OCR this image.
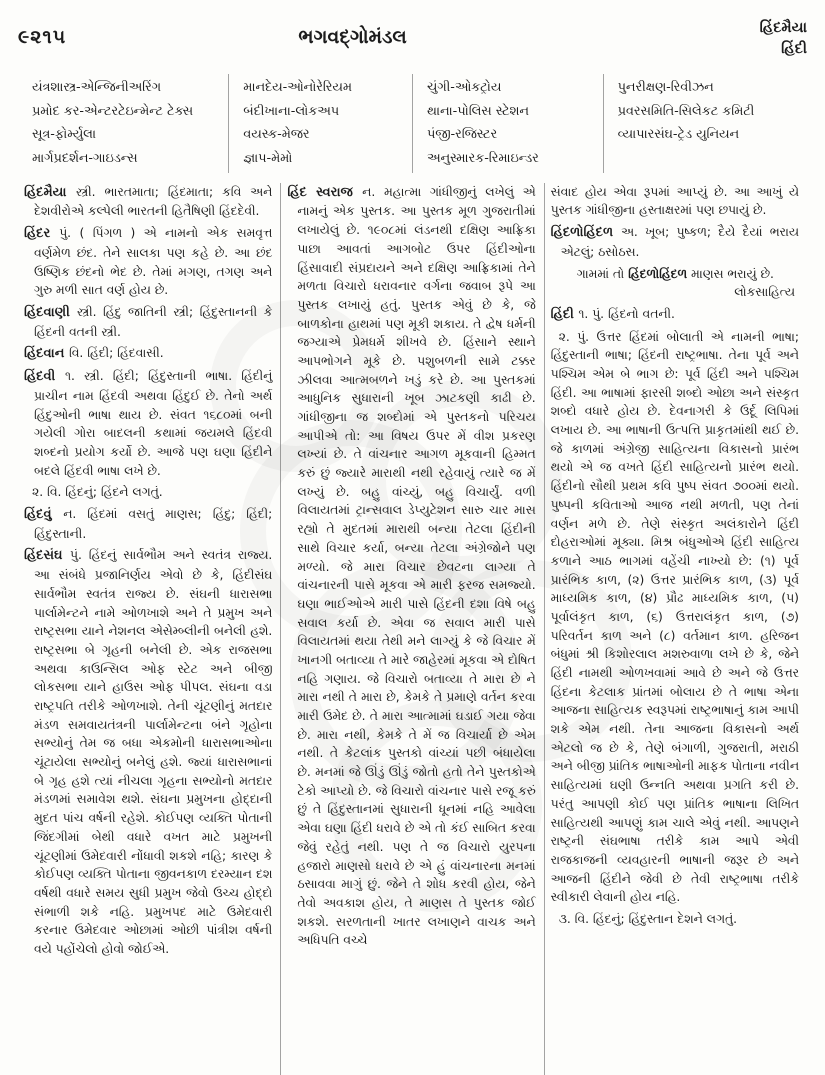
૯૨૧૫	ભગવદ્ગોમંડલ	હિંદમૈયા
હિંદી
યંત્રશાસ્ત્ર-એન્જિનીઅરિંગ
પ્રમોદ કર-એન્ટરટેઇન્મેન્ટ ટેક્સ
સૂત્ર-ફોર્મ્યુલા
માર્ગપ્રદર્શન-ગાઇડન્સ
માનદેય-ઓનોરેરિયમ
બંદીખાના-લોકઅપ
વયસ્ક-મેજર
જ્ઞાપ-મેમો
ચુંગી-ઓકટ્રોય
થાના-પોલિસ સ્ટેશન
પંજી-રજિસ્ટર
અનુસ્મારક-રિમાઇન્ડર
પુનરીક્ષણ-રિવીઝન
પ્રવરસમિતિ-સિલેકટ કમિટી
વ્યાપારસંઘ-ટ્રેડ યુનિયન

હિંદમૈયા સ્ત્રી. ભારતમાતા; હિંદમાતા; કવિ અને દેશવીરોએ કલ્પેલી ભારતની હિતૈષિણી હિંદદેવી.

હિંદર પું. ( પિંગળ ) એ નામનો એક સમવૃત્ત વર્ણમેળ છંદ. તેને સાલકા પણ કહે છે. આ છંદ ઉષ્ણિક છંદનો ભેદ છે. તેમાં મગણ, તગણ અને ગુરુ મળી સાત વર્ણ હોય છે.

હિંદવાણી સ્ત્રી. હિંદુ જાતિની સ્ત્રી; હિંદુસ્તાનની કે હિંદની વતની સ્ત્રી.

હિંદવાન વિ. હિંદી; હિંદવાસી.

હિંદવી ૧. સ્ત્રી. હિંદી; હિંદુસ્તાની ભાષા. હિંદીનું પ્રાચીન નામ હિંદવી અથવા હિંદુઈ છે. તેનો અર્થ હિંદુઓની ભાષા થાય છે. સંવત ૧૬૮૦માં બની ગયેલી ગોરા બાદલની કથામાં જયમલે હિંદવી શબ્દનો પ્રયોગ કર્યો છે. આજે પણ ઘણા હિંદીને બદલે હિંદવી ભાષા લખે છે.

૨. વિ. હિંદનું; હિંદને લગતું.

હિંદવું ન. હિંદમાં વસતું માણસ; હિંદુ; હિંદી; હિંદુસ્તાની.

હિંદસંઘ પું. હિંદનું સાર્વભૌમ અને સ્વતંત્ર રાજ્ય. આ સંબંધે પ્રજાનિર્ણય એવો છે કે, હિંદીસંઘ સાર્વભૌમ સ્વતંત્ર રાજ્ય છે. સંઘની ધારાસભા પાર્લામેન્ટને નામે ઓળખાશે અને તે પ્રમુખ અને રાષ્ટ્રસભા યાને નેશનલ એસેમ્બ્લીની બનેલી હશે. રાષ્ટ્રસભા બે ગૃહની બનેલી છે. એક રાજસભા અથવા કાઉન્સિલ ઓફ સ્ટેટ અને બીજી લોકસભા યાને હાઉસ ઓફ પીપલ. સંઘના વડા રાષ્ટ્રપતિ તરીકે ઓળખાશે. તેની ચૂંટણીનું મતદાર મંડળ સમવાયતંત્રની પાર્લામેન્ટના બંને ગૃહોના સભ્યોનું તેમ જ બધા એકમોની ધારાસભાઓના ચૂંટાયેલા સભ્યોનું બનેલું હશે. જ્યાં ધારાસભાનાં બે ગૃહ હશે ત્યાં નીચલા ગૃહના સભ્યોનો મતદાર મંડળમાં સમાવેશ થશે. સંઘના પ્રમુખના હોદ્દાની મુદત પાંચ વર્ષની રહેશે. કોઈપણ વ્યક્તિ પોતાની જિંદગીમાં બેથી વધારે વખત માટે પ્રમુખની ચૂંટણીમાં ઉમેદવારી નોંધાવી શકશે નહિ; કારણ કે કોઈપણ વ્યક્તિ પોતાના જીવનકાળ દરમ્યાન દશ વર્ષથી વધારે સમય સુધી પ્રમુખ જેવો ઉચ્ચ હોદ્દો સંભાળી શકે નહિ. પ્રમુખપદ માટે ઉમેદવારી કરનાર ઉમેદવાર ઓછામાં ઓછી પાંત્રીશ વર્ષની વયે પહોંચેલો હોવો જોઈએ.

હિંદ સ્વરાજ ન. મહાત્મા ગાંધીજીનું લખેલું એ નામનું એક પુસ્તક. આ પુસ્તક મૂળ ગુજરાતીમાં લખાયેલું છે. ૧૯૦૮માં લંડનથી દક્ષિણ આફ્રિકા પાછા આવતાં આગબોટ ઉપર હિંદીઓના હિંસાવાદી સંપ્રદાયને અને દક્ષિણ આફ્રિકામાં તેને મળતા વિચારો ધરાવનાર વર્ગના જવાબ રૂપે આ પુસ્તક લખાયું હતું. પુસ્તક એવું છે કે, જે બાળકોના હાથમાં પણ મૂકી શકાય. તે દ્વેષ ધર્મની જગ્યાએ પ્રેમધર્મ શીખવે છે. હિંસાને સ્થાને આપભોગને મૂકે છે. પશુબળની સામે ટક્કર ઝીલવા આત્મબળને ખડું કરે છે. આ પુસ્તકમાં આધુનિક સુધારાની ખૂબ ઝાટકણી કાઢી છે. ગાંધીજીના જ શબ્દોમાં એ પુસ્તકનો પરિચય આપીએ તો: આ વિષય ઉપર મેં વીશ પ્રકરણ લખ્યાં છે. તે વાંચનાર આગળ મૂકવાની હિમ્મત કરું છું જ્યારે મારાથી નથી રહેવાયું ત્યારે જ મેં લખ્યું છે. બહુ વાંચ્યું, બહુ વિચાર્યું. વળી વિલાયતમાં ટ્રાન્સવાલ ડેપ્યુટેશન સારુ ચાર માસ રહ્યો તે મુદતમાં મારાથી બન્યા તેટલા હિંદીની સાથે વિચાર કર્યા, બન્યા તેટલા અંગ્રેજોને પણ મળ્યો. જે મારા વિચાર છેવટના લાગ્યા તે વાંચનારની પાસે મૂકવા એ મારી ફરજ સમજ્યો. ઘણા ભાઈઓએ મારી પાસે હિંદની દશા વિષે બહુ સવાલ કર્યા છે. એવા જ સવાલ મારી પાસે વિલાયતમાં થયા તેથી મને લાગ્યું કે જે વિચાર મેં ખાનગી બતાવ્યા તે મારે જાહેરમાં મૂકવા એ દોષિત નહિ ગણાય. જે વિચારો બતાવ્યા તે મારા છે ને મારા નથી તે મારા છે, કેમકે તે પ્રમાણે વર્તન કરવા મારી ઉમેદ છે. તે મારા આત્મામાં ઘડાઈ ગયા જેવા છે. મારા નથી, કેમકે તે મેં જ વિચાર્યા છે એમ નથી. તે કેટલાંક પુસ્તકો વાંચ્યાં પછી બંધાયેલા છે. મનમાં જે ઊંડું ઊંડું જોતો હતો તેને પુસ્તકોએ ટેકો આપ્યો છે. જે વિચારો વાંચનાર પાસે રજૂ કરું છું તે હિંદુસ્તાનમાં સુધારાની ધૂનમાં નહિ આવેલા એવા ઘણા હિંદી ધરાવે છે એ તો કંઈ સાબિત કરવા જેવું રહેતું નથી. પણ તે જ વિચારો યુરપના હજારો માણસો ધરાવે છે એ હું વાંચનારના મનમાં ઠસાવવા માગું છું. જેને તે શોધ કરવી હોય, જેને તેવો અવકાશ હોય, તે માણસ તે પુસ્તક જોઈ શકશે. સરળતાની ખાતર લખાણને વાચક અને અધિપતિ વચ્ચે

સંવાદ હોય એવા રૂપમાં આપ્યું છે. આ આખું યે પુસ્તક ગાંધીજીના હસ્તાક્ષરમાં પણ છપાયું છે.

હિંદળોહિંદળ અ. ખૂબ; પુષ્કળ; દૈયે દૈયાં ભરાય એટલું; ઠસોઠસ.

ગામમાં તો હિંદળોહિંદળ માણસ ભરાયું છે.
લોકસાહિત્ય

હિંદી ૧. પું. હિંદનો વતની.

૨. પું. ઉત્તર હિંદમાં બોલાતી એ નામની ભાષા; હિંદુસ્તાની ભાષા; હિંદની રાષ્ટ્રભાષા. તેના પૂર્વ અને પશ્ચિમ એમ બે ભાગ છે: પૂર્વ હિંદી અને પશ્ચિમ હિંદી. આ ભાષામાં ફારસી શબ્દો ઓછા અને સંસ્કૃત શબ્દો વધારે હોય છે. દેવનાગરી કે ઉર્દૂ લિપિમાં લખાય છે. આ ભાષાની ઉત્પત્તિ પ્રાકૃતમાંથી થઈ છે. જે કાળમાં અંગ્રેજી સાહિત્યના વિકાસનો પ્રારંભ થયો એ જ વખતે હિંદી સાહિત્યનો પ્રારંભ થયો. હિંદીનો સૌથી પ્રથમ કવિ પુષ્પ સંવત ૭૦૦માં થયો. પુષ્પની કવિતાઓ આજ નથી મળતી, પણ તેનાં વર્ણન મળે છે. તેણે સંસ્કૃત અલંકારોને હિંદી દોહરાઓમાં મૂક્યા. મિશ્ર બંધુઓએ હિંદી સાહિત્ય કળાને આઠ ભાગમાં વહેંચી નાખ્યો છે: (૧) પૂર્વ પ્રારંભિક કાળ, (૨) ઉત્તર પ્રારંભિક કાળ, (૩) પૂર્વ માધ્યમિક કાળ, (૪) પ્રૌઢ માધ્યમિક કાળ, (૫) પૂર્વાલંકૃત કાળ, (૬) ઉત્તરાલંકૃત કાળ, (૭) પરિવર્તન કાળ અને (૮) વર્તમાન કાળ. હરિજન બંધુમાં શ્રી કિશોરલાલ મશરુવાળા લખે છે કે, જેને હિંદી નામથી ઓળખવામાં આવે છે અને જે ઉત્તર હિંદના કેટલાક પ્રાંતમાં બોલાય છે તે ભાષા એના આજના સાહિત્યક સ્વરૂપમાં રાષ્ટ્રભાષાનું કામ આપી શકે એમ નથી. તેના આજના વિકાસનો અર્થ એટલો જ છે કે, તેણે બંગાળી, ગુજરાતી, મરાઠી અને બીજી પ્રાંતિક ભાષાઓની માફક પોતાના નવીન સાહિત્યમાં ઘણી ઉન્નતિ અથવા પ્રગતિ કરી છે. પરંતુ આપણી કોઈ પણ પ્રાંતિક ભાષાના લિખિત સાહિત્યથી આપણું કામ ચાલે એવું નથી. આપણને રાષ્ટ્રની સંઘભાષા તરીકે કામ આપે એવી રાજકાજની વ્યવહારની ભાષાની જરૂર છે અને આજની હિંદીને જેવી છે તેવી રાષ્ટ્રભાષા તરીકે સ્વીકારી લેવાની હોય નહિ.

૩. વિ. હિંદનું; હિંદુસ્તાન દેશને લગતું.
